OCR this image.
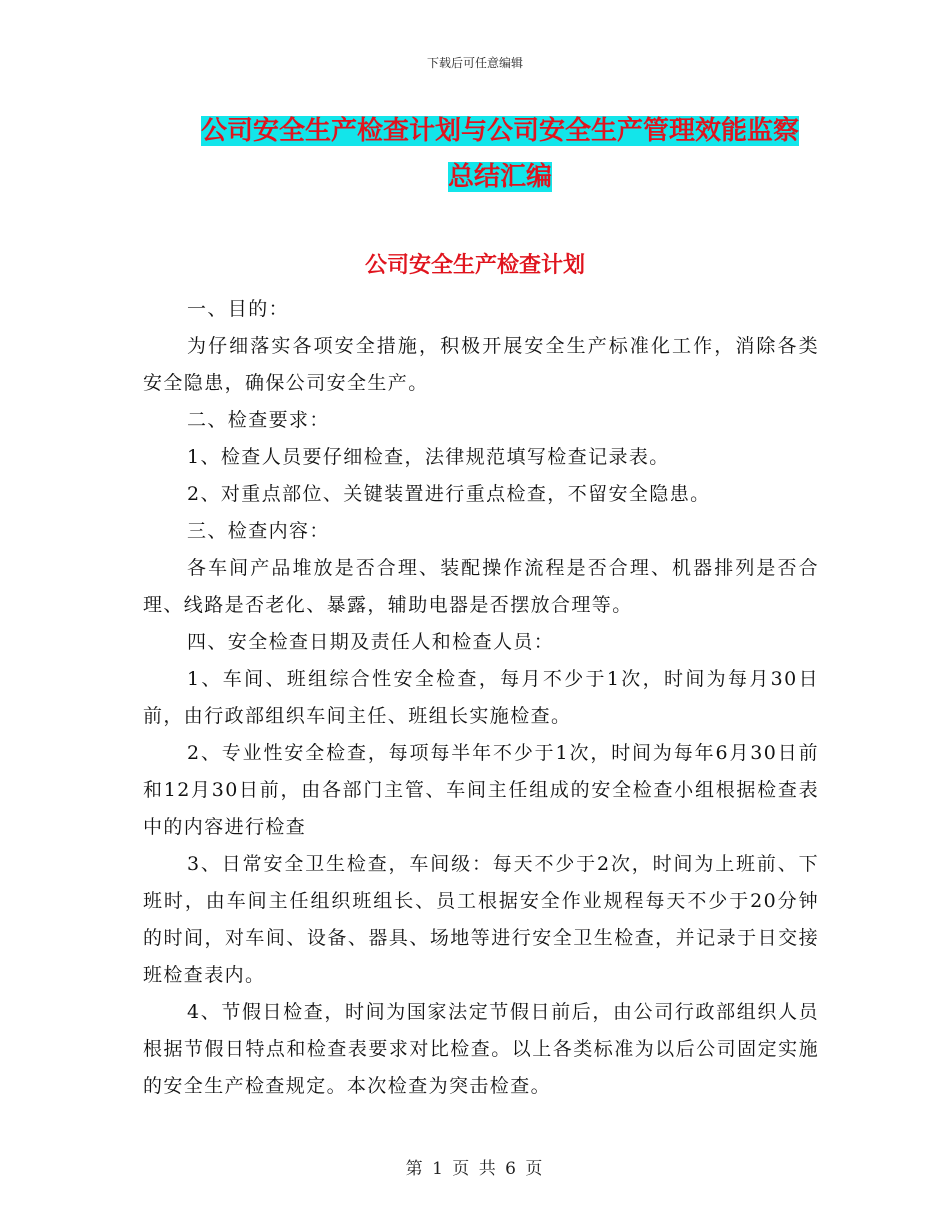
下载后可任意编辑
公司安全生产检查计划与公司安全生产管理效能监察
总结汇编
公司安全生产检查计划

一、目的：

为仔细落实各项安全措施，积极开展安全生产标准化工作，消除各类安全隐患，确保公司安全生产。

二、检查要求：

1、检查人员要仔细检查，法律规范填写检查记录表。

2、对重点部位、关键装置进行重点检查，不留安全隐患。

三、检查内容：

各车间产品堆放是否合理、装配操作流程是否合理、机器排列是否合理、线路是否老化、暴露，辅助电器是否摆放合理等。

四、安全检查日期及责任人和检查人员：

1、车间、班组综合性安全检查，每月不少于1次，时间为每月30日前，由行政部组织车间主任、班组长实施检查。

2、专业性安全检查，每项每半年不少于1次，时间为每年6月30日前和12月30日前，由各部门主管、车间主任组成的安全检查小组根据检查表中的内容进行检查

3、日常安全卫生检查，车间级：每天不少于2次，时间为上班前、下班时，由车间主任组织班组长、员工根据安全作业规程每天不少于20分钟的时间，对车间、设备、器具、场地等进行安全卫生检查，并记录于日交接班检查表内。

4、节假日检查，时间为国家法定节假日前后，由公司行政部组织人员根据节假日特点和检查表要求对比检查。以上各类标准为以后公司固定实施的安全生产检查规定。本次检查为突击检查。

第 1 页 共 6 页
